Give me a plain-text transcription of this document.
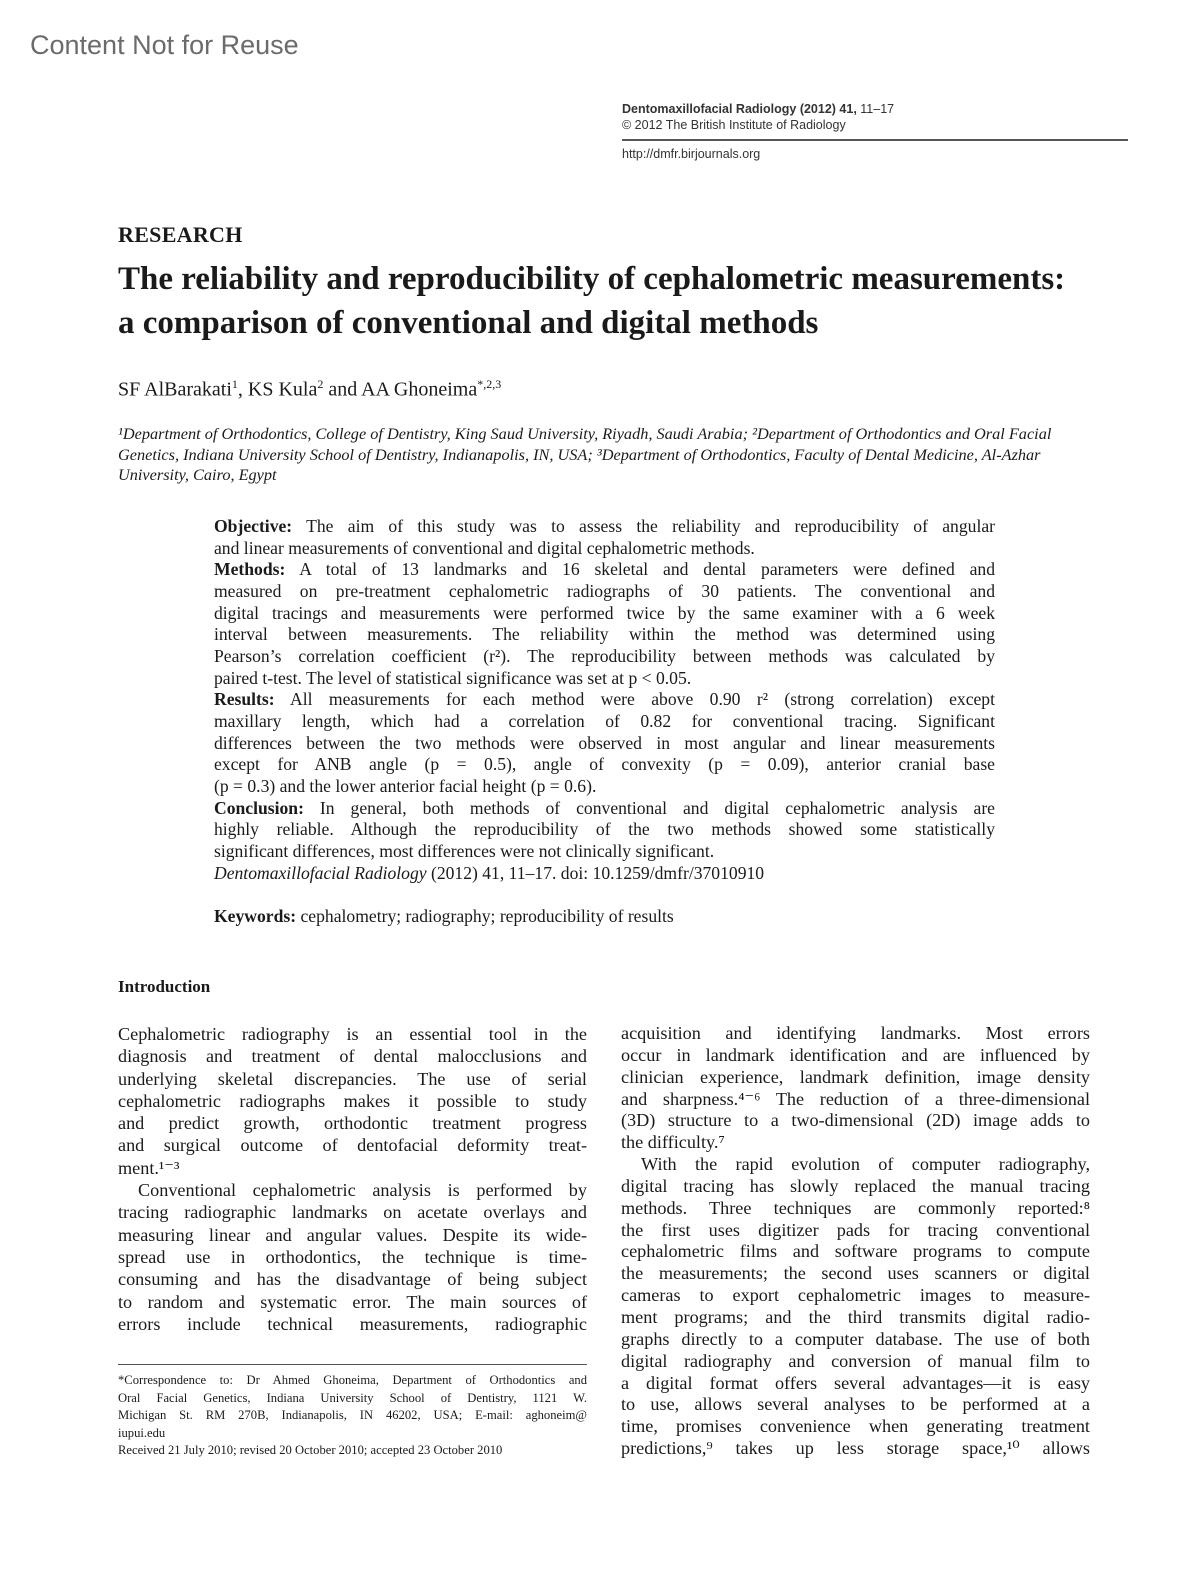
Content Not for Reuse
Dentomaxillofacial Radiology (2012) 41, 11–17
© 2012 The British Institute of Radiology
http://dmfr.birjournals.org
RESEARCH
The reliability and reproducibility of cephalometric measurements:
a comparison of conventional and digital methods
SF AlBarakati$^1$, KS Kula$^2$ and AA Ghoneima$^{*,2,3}$
¹Department of Orthodontics, College of Dentistry, King Saud University, Riyadh, Saudi Arabia; ²Department of Orthodontics and Oral Facial Genetics, Indiana University School of Dentistry, Indianapolis, IN, USA; ³Department of Orthodontics, Faculty of Dental Medicine, Al-Azhar University, Cairo, Egypt
Objective: The aim of this study was to assess the reliability and reproducibility of angular
and linear measurements of conventional and digital cephalometric methods.
Methods: A total of 13 landmarks and 16 skeletal and dental parameters were defined and
measured on pre-treatment cephalometric radiographs of 30 patients. The conventional and
digital tracings and measurements were performed twice by the same examiner with a 6 week
interval between measurements. The reliability within the method was determined using
Pearson’s correlation coefficient (r²). The reproducibility between methods was calculated by
paired t-test. The level of statistical significance was set at p < 0.05.
Results: All measurements for each method were above 0.90 r² (strong correlation) except
maxillary length, which had a correlation of 0.82 for conventional tracing. Significant
differences between the two methods were observed in most angular and linear measurements
except for ANB angle (p = 0.5), angle of convexity (p = 0.09), anterior cranial base
(p = 0.3) and the lower anterior facial height (p = 0.6).
Conclusion: In general, both methods of conventional and digital cephalometric analysis are
highly reliable. Although the reproducibility of the two methods showed some statistically
significant differences, most differences were not clinically significant.
Dentomaxillofacial Radiology (2012) 41, 11–17. doi: 10.1259/dmfr/37010910
Keywords: cephalometry; radiography; reproducibility of results
Introduction
Cephalometric radiography is an essential tool in the
diagnosis and treatment of dental malocclusions and
underlying skeletal discrepancies. The use of serial
cephalometric radiographs makes it possible to study
and predict growth, orthodontic treatment progress
and surgical outcome of dentofacial deformity treat-
ment.¹⁻³
Conventional cephalometric analysis is performed by
tracing radiographic landmarks on acetate overlays and
measuring linear and angular values. Despite its wide-
spread use in orthodontics, the technique is time-
consuming and has the disadvantage of being subject
to random and systematic error. The main sources of
errors include technical measurements, radiographic
acquisition and identifying landmarks. Most errors
occur in landmark identification and are influenced by
clinician experience, landmark definition, image density
and sharpness.⁴⁻⁶ The reduction of a three-dimensional
(3D) structure to a two-dimensional (2D) image adds to
the difficulty.⁷
With the rapid evolution of computer radiography,
digital tracing has slowly replaced the manual tracing
methods. Three techniques are commonly reported:⁸
the first uses digitizer pads for tracing conventional
cephalometric films and software programs to compute
the measurements; the second uses scanners or digital
cameras to export cephalometric images to measure-
ment programs; and the third transmits digital radio-
graphs directly to a computer database. The use of both
digital radiography and conversion of manual film to
a digital format offers several advantages—it is easy
to use, allows several analyses to be performed at a
time, promises convenience when generating treatment
predictions,⁹ takes up less storage space,¹⁰ allows
*Correspondence to: Dr Ahmed Ghoneima, Department of Orthodontics and
Oral Facial Genetics, Indiana University School of Dentistry, 1121 W.
Michigan St. RM 270B, Indianapolis, IN 46202, USA; E-mail: aghoneim@
iupui.edu
Received 21 July 2010; revised 20 October 2010; accepted 23 October 2010
